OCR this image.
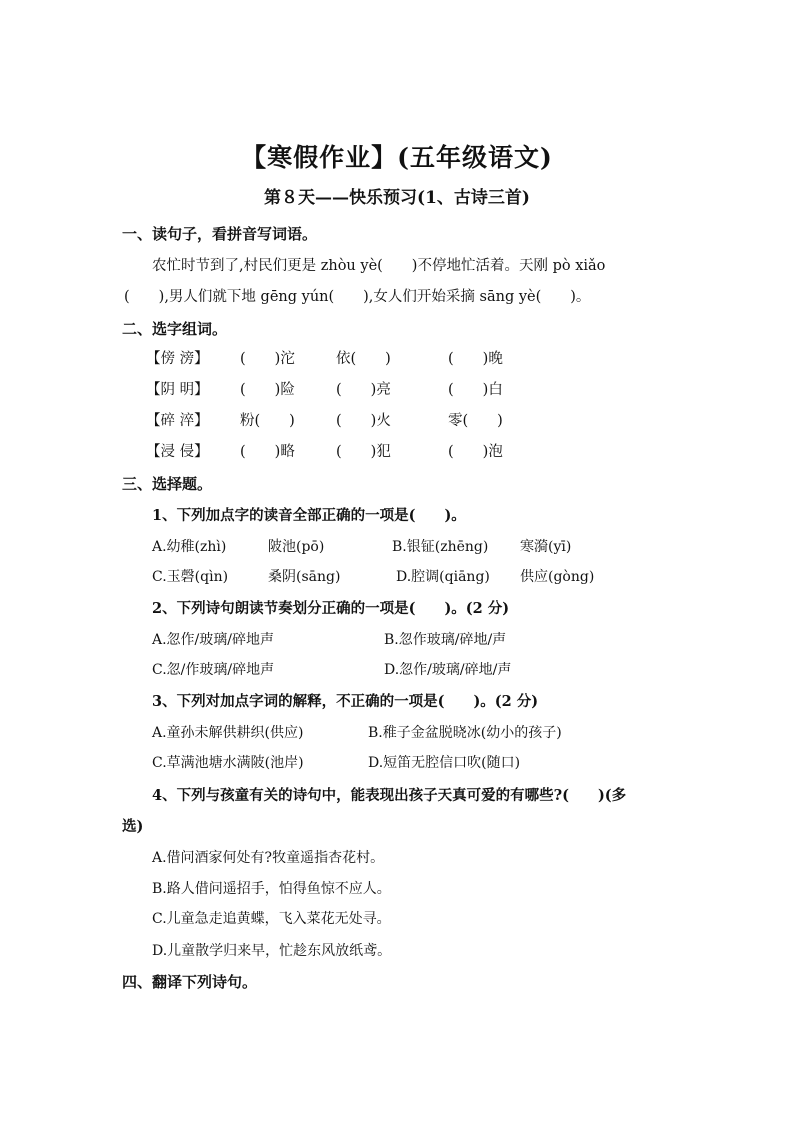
【寒假作业】(五年级语文)
第８天——快乐预习(1、古诗三首)
一、读句子，看拼音写词语。
农忙时节到了,村民们更是 zhòu yè(　　)不停地忙活着。天刚 pò xiǎo
(　　),男人们就下地 gēng yún(　　),女人们开始采摘 sāng yè(　　)。
二、选字组词。
【傍 滂】 (　　)沱	依(　　)	(　　)晚
【阴 明】 (　　)险	(　　)亮	(　　)白
【碎 淬】 粉(　　)	(　　)火	零(　　)
【浸 侵】 (　　)略	(　　)犯	(　　)泡
三、选择题。
1、下列加点字的读音全部正确的一项是(　　)。
A.幼稚(zhì)	陂池(pō)	B.银钲(zhēng) 寒漪(yī)
C.玉磬(qìn)	桑阴(sāng)	D.腔调(qiāng) 供应(gòng)
2、下列诗句朗读节奏划分正确的一项是(　　)。(2 分)
A.忽作/玻璃/碎地声	B.忽作玻璃/碎地/声
C.忽/作玻璃/碎地声	D.忽作/玻璃/碎地/声
3、下列对加点字词的解释，不正确的一项是(　　)。(2 分)
A.童孙未解供耕织(供应)	B.稚子金盆脱晓冰(幼小的孩子)
C.草满池塘水满陂(池岸)	D.短笛无腔信口吹(随口)
4、下列与孩童有关的诗句中，能表现出孩子天真可爱的有哪些?(　　)(多
选)
A.借问酒家何处有?牧童遥指杏花村。
B.路人借问遥招手，怕得鱼惊不应人。
C.儿童急走追黄蝶，飞入菜花无处寻。
D.儿童散学归来早，忙趁东风放纸鸢。
四、翻译下列诗句。
